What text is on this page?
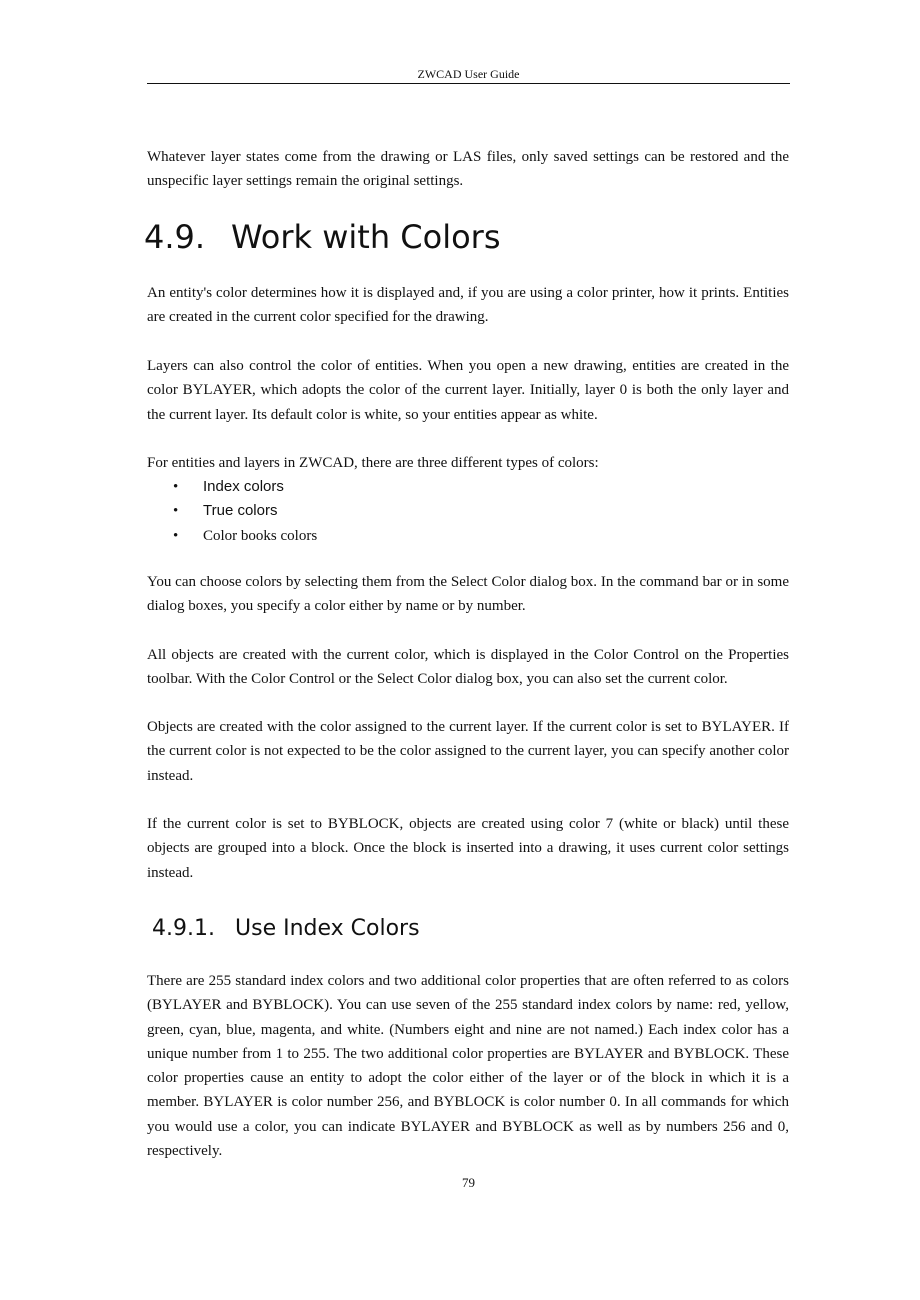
ZWCAD User Guide

Whatever layer states come from the drawing or LAS files, only saved settings can be restored and the unspecific layer settings remain the original settings.

4.9. Work with Colors

An entity's color determines how it is displayed and, if you are using a color printer, how it prints. Entities are created in the current color specified for the drawing.

Layers can also control the color of entities. When you open a new drawing, entities are created in the color BYLAYER, which adopts the color of the current layer. Initially, layer 0 is both the only layer and the current layer. Its default color is white, so your entities appear as white.

For entities and layers in ZWCAD, there are three different types of colors:

• Index colors
• True colors
• Color books colors

You can choose colors by selecting them from the Select Color dialog box. In the command bar or in some dialog boxes, you specify a color either by name or by number.

All objects are created with the current color, which is displayed in the Color Control on the Properties toolbar. With the Color Control or the Select Color dialog box, you can also set the current color.

Objects are created with the color assigned to the current layer. If the current color is set to BYLAYER. If the current color is not expected to be the color assigned to the current layer, you can specify another color instead.

If the current color is set to BYBLOCK, objects are created using color 7 (white or black) until these objects are grouped into a block. Once the block is inserted into a drawing, it uses current color settings instead.

4.9.1. Use Index Colors

There are 255 standard index colors and two additional color properties that are often referred to as colors (BYLAYER and BYBLOCK). You can use seven of the 255 standard index colors by name: red, yellow, green, cyan, blue, magenta, and white. (Numbers eight and nine are not named.) Each index color has a unique number from 1 to 255. The two additional color properties are BYLAYER and BYBLOCK. These color properties cause an entity to adopt the color either of the layer or of the block in which it is a member. BYLAYER is color number 256, and BYBLOCK is color number 0. In all commands for which you would use a color, you can indicate BYLAYER and BYBLOCK as well as by numbers 256 and 0, respectively.

79
